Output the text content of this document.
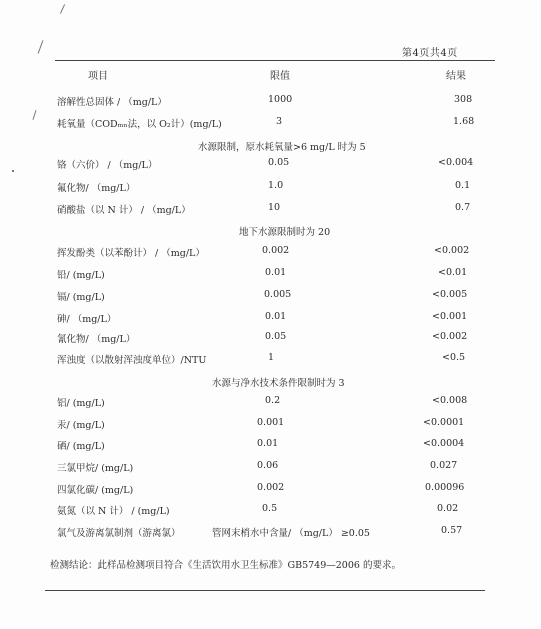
第4页共4页
项目	限值	结果
溶解性总固体 / （mg/L）	1000	308
耗氧量（CODₘₙ法，以 O₂计）(mg/L)	3	1.68
水源限制，原水耗氧量>6 mg/L 时为 5
铬（六价） / （mg/L）	0.05	<0.004
氟化物/ （mg/L）	1.0	0.1
硝酸盐（以 N 计） / （mg/L）	10	0.7
地下水源限制时为 20
挥发酚类（以苯酚计） / （mg/L）	0.002	<0.002
铅/ (mg/L)	0.01	<0.01
镉/ (mg/L)	0.005	<0.005
砷/ （mg/L）	0.01	<0.001
氰化物/ （mg/L）	0.05	<0.002
浑浊度（以散射浑浊度单位）/NTU	1	<0.5
水源与净水技术条件限制时为 3
铝/ (mg/L)	0.2	<0.008
汞/ (mg/L)	0.001	<0.0001
硒/ (mg/L)	0.01	<0.0004
三氯甲烷/ (mg/L)	0.06	0.027
四氯化碳/ (mg/L)	0.002	0.00096
氨氮（以 N 计） / (mg/L)	0.5	0.02
氯气及游离氯制剂（游离氯）	管网末梢水中含量/ （mg/L） ≥0.05	0.57
检测结论：此样品检测项目符合《生活饮用水卫生标准》GB5749—2006 的要求。
